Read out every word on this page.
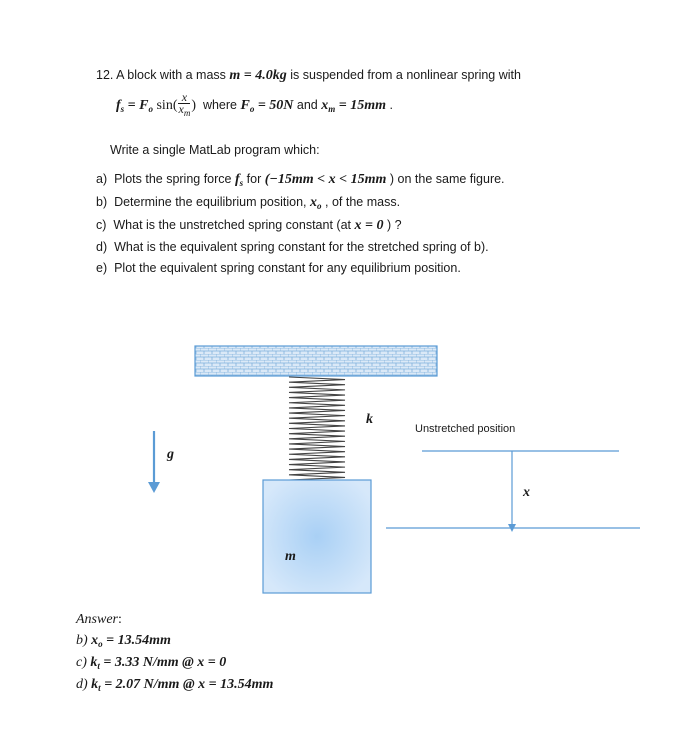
12. A block with a mass m = 4.0kg is suspended from a nonlinear spring with
$f_s = F_o$ $\sin( \frac{x}{x_m}$ ) where $F_o = 50N$ and $x_m = 15mm$ .
Write a single MatLab program which:
a) Plots the spring force $f_s$ for (−15mm < x < 15mm ) on the same figure.
b) Determine the equilibrium position, $x_o$ , of the mass.
c) What is the unstretched spring constant (at x = 0 ) ?
d) What is the equivalent spring constant for the stretched spring of b).
e) Plot the equivalent spring constant for any equilibrium position.
k
g
m
Unstretched position
x
Answer:
b) $x_o = 13.54mm$
c) $k_t = 3.33$ N/mm @ x = 0
d) $k_t = 2.07$ N/mm @ x = 13.54mm
